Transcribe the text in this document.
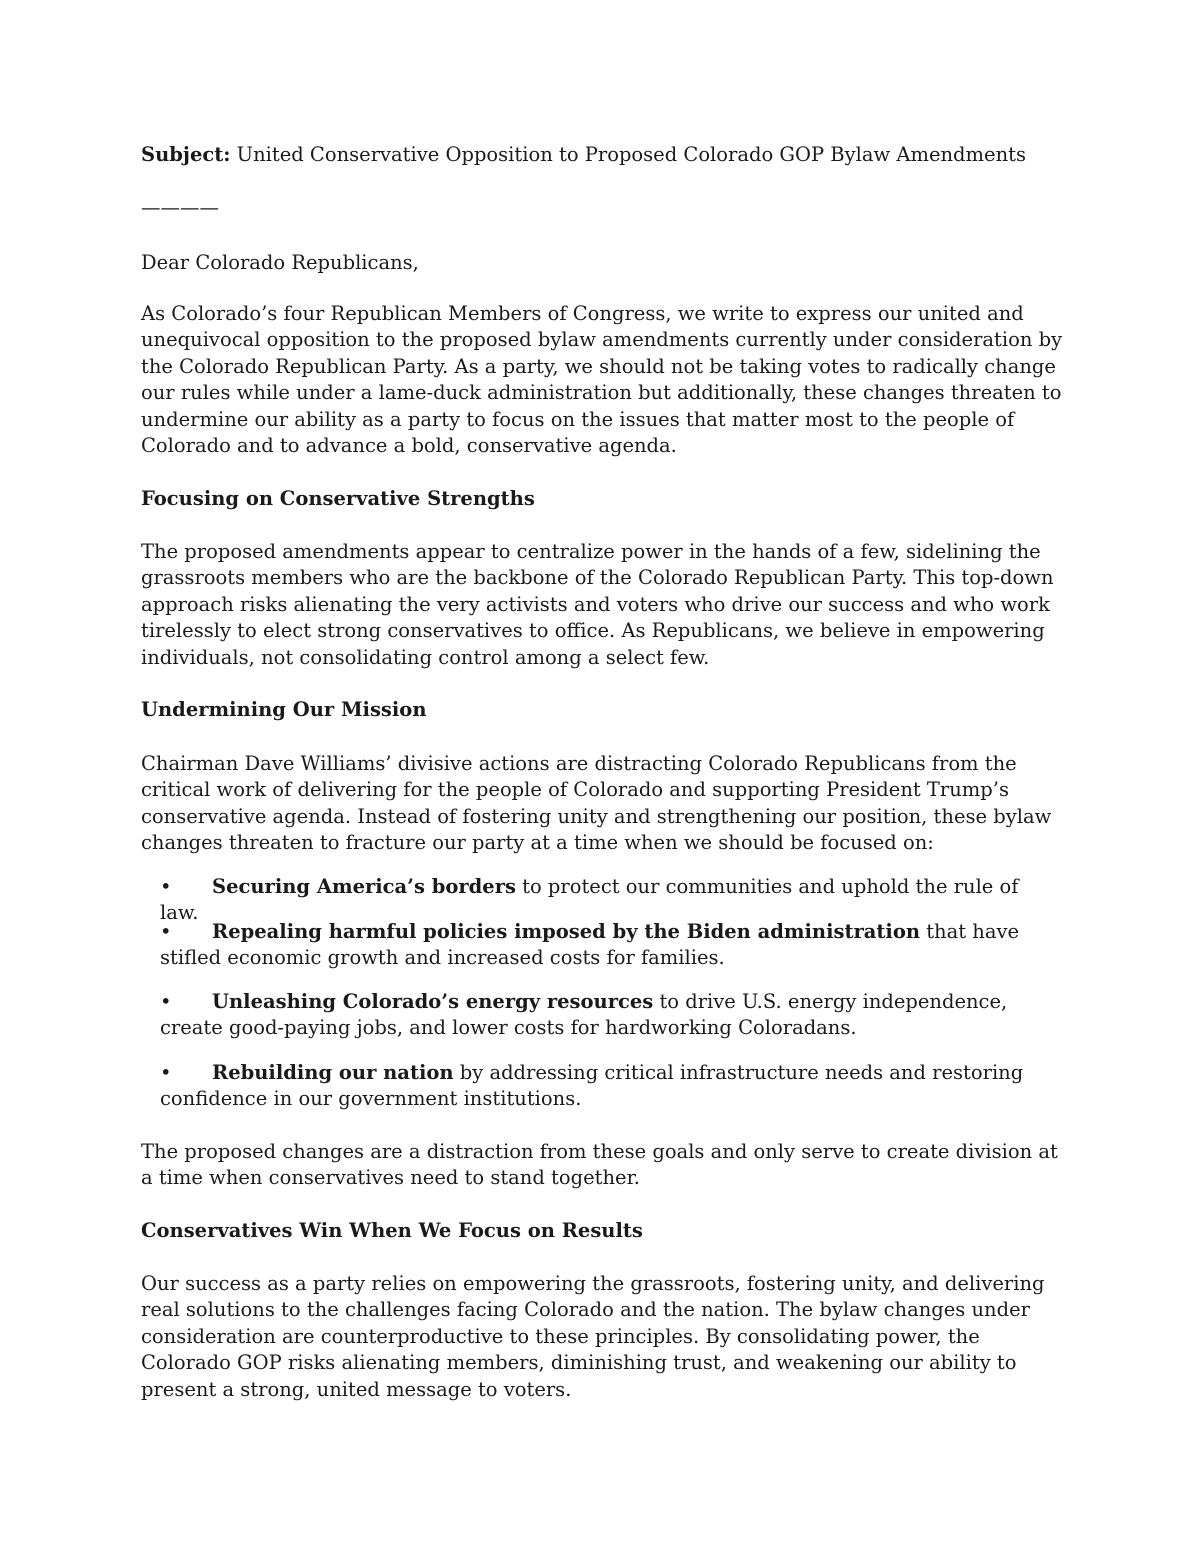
Subject: United Conservative Opposition to Proposed Colorado GOP Bylaw Amendments

————

Dear Colorado Republicans,

As Colorado’s four Republican Members of Congress, we write to express our united and unequivocal opposition to the proposed bylaw amendments currently under consideration by the Colorado Republican Party. As a party, we should not be taking votes to radically change our rules while under a lame-duck administration but additionally, these changes threaten to undermine our ability as a party to focus on the issues that matter most to the people of Colorado and to advance a bold, conservative agenda.

Focusing on Conservative Strengths

The proposed amendments appear to centralize power in the hands of a few, sidelining the grassroots members who are the backbone of the Colorado Republican Party. This top-down approach risks alienating the very activists and voters who drive our success and who work tirelessly to elect strong conservatives to office. As Republicans, we believe in empowering individuals, not consolidating control among a select few.

Undermining Our Mission

Chairman Dave Williams’ divisive actions are distracting Colorado Republicans from the critical work of delivering for the people of Colorado and supporting President Trump’s conservative agenda. Instead of fostering unity and strengthening our position, these bylaw changes threaten to fracture our party at a time when we should be focused on:

• Securing America’s borders to protect our communities and uphold the rule of law.
• Repealing harmful policies imposed by the Biden administration that have stifled economic growth and increased costs for families.
• Unleashing Colorado’s energy resources to drive U.S. energy independence, create good-paying jobs, and lower costs for hardworking Coloradans.
• Rebuilding our nation by addressing critical infrastructure needs and restoring confidence in our government institutions.

The proposed changes are a distraction from these goals and only serve to create division at a time when conservatives need to stand together.

Conservatives Win When We Focus on Results

Our success as a party relies on empowering the grassroots, fostering unity, and delivering real solutions to the challenges facing Colorado and the nation. The bylaw changes under consideration are counterproductive to these principles. By consolidating power, the Colorado GOP risks alienating members, diminishing trust, and weakening our ability to present a strong, united message to voters.
